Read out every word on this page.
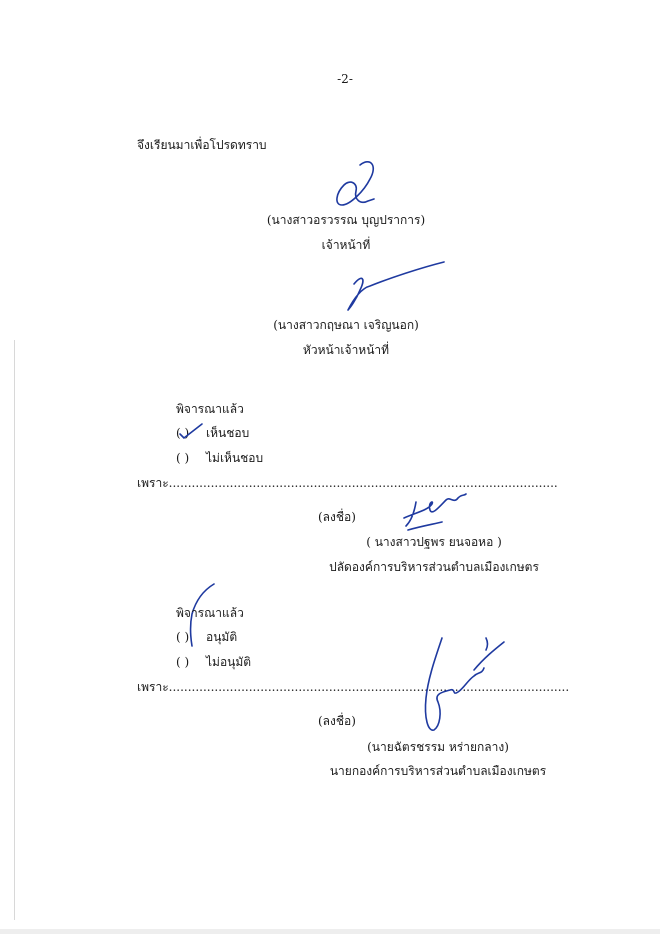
-2-
จึงเรียนมาเพื่อโปรดทราบ
(นางสาวอรวรรณ บุญปราการ)
เจ้าหน้าที่
(นางสาวกฤษณา เจริญนอก)
หัวหน้าเจ้าหน้าที่
พิจารณาแล้ว
( ) เห็นชอบ
( ) ไม่เห็นชอบ
เพราะ......................................................................................................
(ลงชื่อ)
( นางสาวปฐพร ยนจอหอ )
ปลัดองค์การบริหารส่วนตำบลเมืองเกษตร
พิจารณาแล้ว
( ) อนุมัติ
( ) ไม่อนุมัติ
เพราะ.........................................................................................................
(ลงชื่อ)
(นายฉัตรชรรม หร่ายกลาง)
นายกองค์การบริหารส่วนตำบลเมืองเกษตร
